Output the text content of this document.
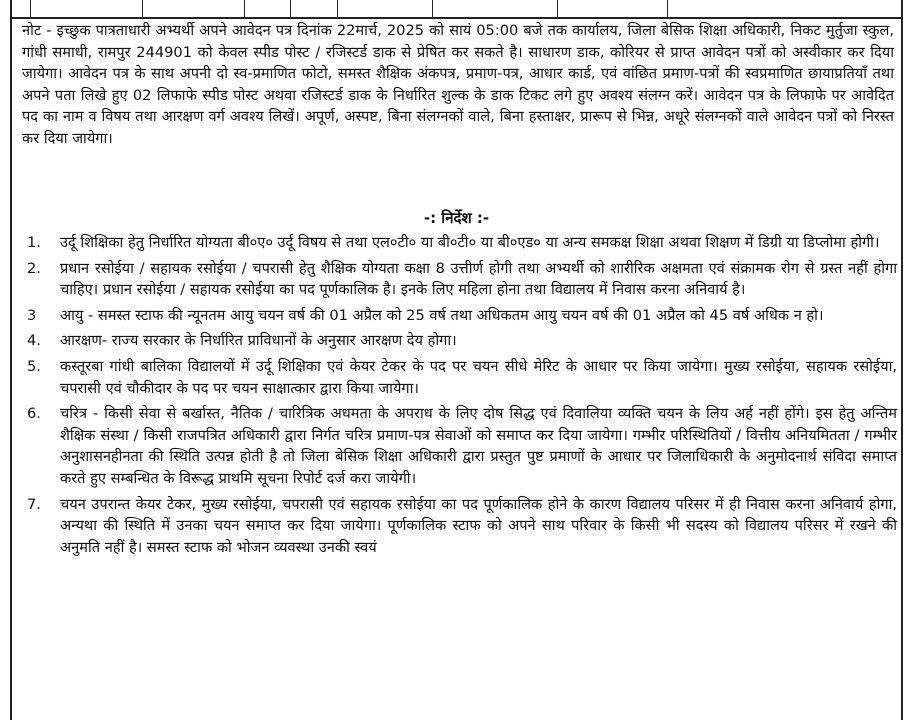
नोट - इच्छुक पात्रताधारी अभ्यर्थी अपने आवेदन पत्र दिनांक 22मार्च, 2025 को सायं 05:00 बजे तक कार्यालय, जिला बेसिक शिक्षा अधिकारी, निकट मुर्तुजा स्कुल, गांधी समाधी, रामपुर 244901 को केवल स्पीड पोस्ट / रजिस्टर्ड डाक से प्रेषित कर सकते है। साधारण डाक, कोरियर से प्राप्त आवेदन पत्रों को अस्वीकार कर दिया जायेगा। आवेदन पत्र के साथ अपनी दो स्व-प्रमाणित फोटो, समस्त शैक्षिक अंकपत्र, प्रमाण-पत्र, आधार कार्ड, एवं वांछित प्रमाण-पत्रों की स्वप्रमाणित छायाप्रतियाँ तथा अपने पता लिखे हुए 02 लिफाफे स्पीड पोस्ट अथवा रजिस्टर्ड डाक के निर्धारित शुल्क के डाक टिकट लगे हुए अवश्य संलग्न करें। आवेदन पत्र के लिफाफे पर आवेदित पद का नाम व विषय तथा आरक्षण वर्ग अवश्य लिखें। अपूर्ण, अस्पष्ट, बिना संलग्नकों वाले, बिना हस्ताक्षर, प्रारूप से भिन्न, अधूरे संलग्नकों वाले आवेदन पत्रों को निरस्त कर दिया जायेगा।

-: निर्देश :-

1. उर्दू शिक्षिका हेतु निर्धारित योग्यता बी०ए० उर्दू विषय से तथा एल०टी० या बी०टी० या बी०एड० या अन्य समकक्ष शिक्षा अथवा शिक्षण में डिग्री या डिप्लोमा होगी।
2. प्रधान रसोईया / सहायक रसोईया / चपरासी हेतु शैक्षिक योग्यता कक्षा 8 उत्तीर्ण होगी तथा अभ्यर्थी को शारीरिक अक्षमता एवं संक्रामक रोग से ग्रस्त नहीं होगा चाहिए। प्रधान रसोईया / सहायक रसोईया का पद पूर्णकालिक है। इनके लिए महिला होना तथा विद्यालय में निवास करना अनिवार्य है।
3 आयु - समस्त स्टाफ की न्यूनतम आयु चयन वर्ष की 01 अप्रैल को 25 वर्ष तथा अधिकतम आयु चयन वर्ष की 01 अप्रैल को 45 वर्ष अधिक न हो।
4. आरक्षण- राज्य सरकार के निर्धारित प्राविधानों के अनुसार आरक्षण देय होगा।
5. कस्तूरबा गांधी बालिका विद्यालयों में उर्दू शिक्षिका एवं केयर टेकर के पद पर चयन सीधे मेरिट के आधार पर किया जायेगा। मुख्य रसोईया, सहायक रसोईया, चपरासी एवं चौकीदार के पद पर चयन साक्षात्कार द्वारा किया जायेगा।
6. चरित्र - किसी सेवा से बर्खास्त, नैतिक / चारित्रिक अधमता के अपराध के लिए दोष सिद्ध एवं दिवालिया व्यक्ति चयन के लिय अर्ह नहीं होंगे। इस हेतु अन्तिम शैक्षिक संस्था / किसी राजपत्रित अधिकारी द्वारा निर्गत चरित्र प्रमाण-पत्र सेवाओं को समाप्त कर दिया जायेगा। गम्भीर परिस्थितियों / वित्तीय अनियमितता / गम्भीर अनुशासनहीनता की स्थिति उत्पन्न होती है तो जिला बेसिक शिक्षा अधिकारी द्वारा प्रस्तुत पुष्ट प्रमाणों के आधार पर जिलाधिकारी के अनुमोदनार्थ संविदा समाप्त करते हुए सम्बन्धित के विरूद्ध प्राथमि सूचना रिपोर्ट दर्ज करा जायेगी।
7. चयन उपरान्त केयर टेकर, मुख्य रसोईया, चपरासी एवं सहायक रसोईया का पद पूर्णकालिक होने के कारण विद्यालय परिसर में ही निवास करना अनिवार्य होगा, अन्यथा की स्थिति में उनका चयन समाप्त कर दिया जायेगा। पूर्णकालिक स्टाफ को अपने साथ परिवार के किसी भी सदस्य को विद्यालय परिसर में रखने की अनुमति नहीं है। समस्त स्टाफ को भोजन व्यवस्था उनकी स्वयं
